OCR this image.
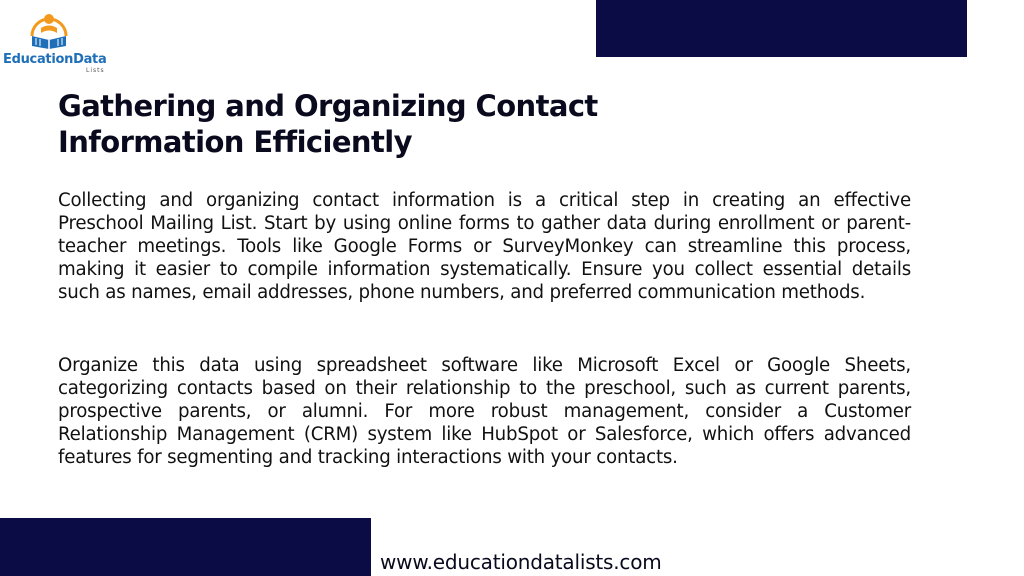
EducationData
Lists
Gathering and Organizing Contact
Information Efficiently

Collecting and organizing contact information is a critical step in creating an effective Preschool Mailing List. Start by using online forms to gather data during enrollment or parent-teacher meetings. Tools like Google Forms or SurveyMonkey can streamline this process, making it easier to compile information systematically. Ensure you collect essential details such as names, email addresses, phone numbers, and preferred communication methods.

Organize this data using spreadsheet software like Microsoft Excel or Google Sheets, categorizing contacts based on their relationship to the preschool, such as current parents, prospective parents, or alumni. For more robust management, consider a Customer Relationship Management (CRM) system like HubSpot or Salesforce, which offers advanced features for segmenting and tracking interactions with your contacts.

www.educationdatalists.com
